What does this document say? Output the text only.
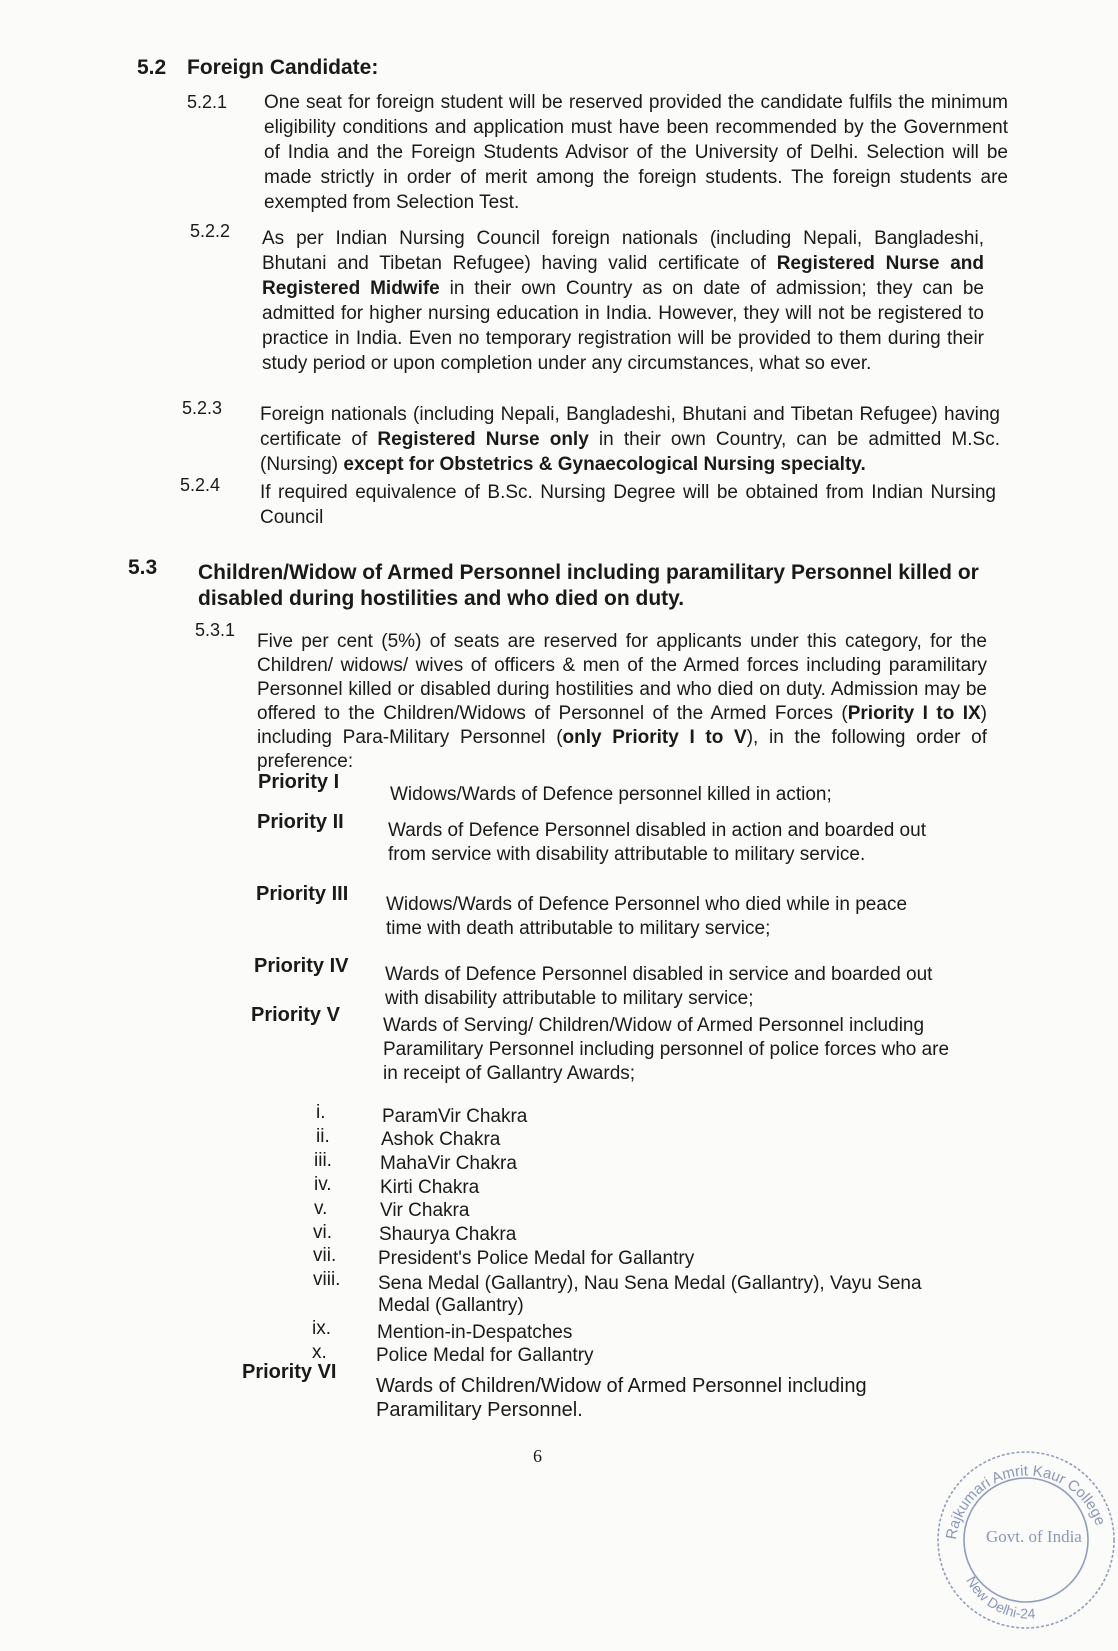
5.2 Foreign Candidate:
5.2.1 One seat for foreign student will be reserved provided the candidate fulfils the minimum eligibility conditions and application must have been recommended by the Government of India and the Foreign Students Advisor of the University of Delhi. Selection will be made strictly in order of merit among the foreign students. The foreign students are exempted from Selection Test.
5.2.2 As per Indian Nursing Council foreign nationals (including Nepali, Bangladeshi, Bhutani and Tibetan Refugee) having valid certificate of Registered Nurse and Registered Midwife in their own Country as on date of admission; they can be admitted for higher nursing education in India. However, they will not be registered to practice in India. Even no temporary registration will be provided to them during their study period or upon completion under any circumstances, what so ever.
5.2.3 Foreign nationals (including Nepali, Bangladeshi, Bhutani and Tibetan Refugee) having certificate of Registered Nurse only in their own Country, can be admitted M.Sc. (Nursing) except for Obstetrics & Gynaecological Nursing specialty.
5.2.4 If required equivalence of B.Sc. Nursing Degree will be obtained from Indian Nursing Council
5.3 Children/Widow of Armed Personnel including paramilitary Personnel killed or disabled during hostilities and who died on duty.
5.3.1
Five per cent (5%) of seats are reserved for applicants under this category, for the Children/ widows/ wives of officers & men of the Armed forces including paramilitary Personnel killed or disabled during hostilities and who died on duty. Admission may be offered to the Children/Widows of Personnel of the Armed Forces (Priority I to IX) including Para-Military Personnel (only Priority I to V), in the following order of preference:
Priority I
Widows/Wards of Defence personnel killed in action;
Priority II Wards of Defence Personnel disabled in action and boarded out from service with disability attributable to military service.
Priority III Widows/Wards of Defence Personnel who died while in peace time with death attributable to military service;
Priority IV Wards of Defence Personnel disabled in service and boarded out with disability attributable to military service;
Priority V Wards of Serving/ Children/Widow of Armed Personnel including Paramilitary Personnel including personnel of police forces who are in receipt of Gallantry Awards;
i.	ParamVir Chakra
ii.	Ashok Chakra
iii.	MahaVir Chakra
iv.	Kirti Chakra
v.	Vir Chakra
vi. Shaurya Chakra
vii. President's Police Medal for Gallantry
viii. Sena Medal (Gallantry), Nau Sena Medal (Gallantry), Vayu Sena Medal (Gallantry)
ix. Mention-in-Despatches
x.	Police Medal for Gallantry
Priority VI
Wards of Children/Widow of Armed Personnel including Paramilitary Personnel.
6
Rajkumari Amrit Kaur College
Govt. of India
New Delhi-24
